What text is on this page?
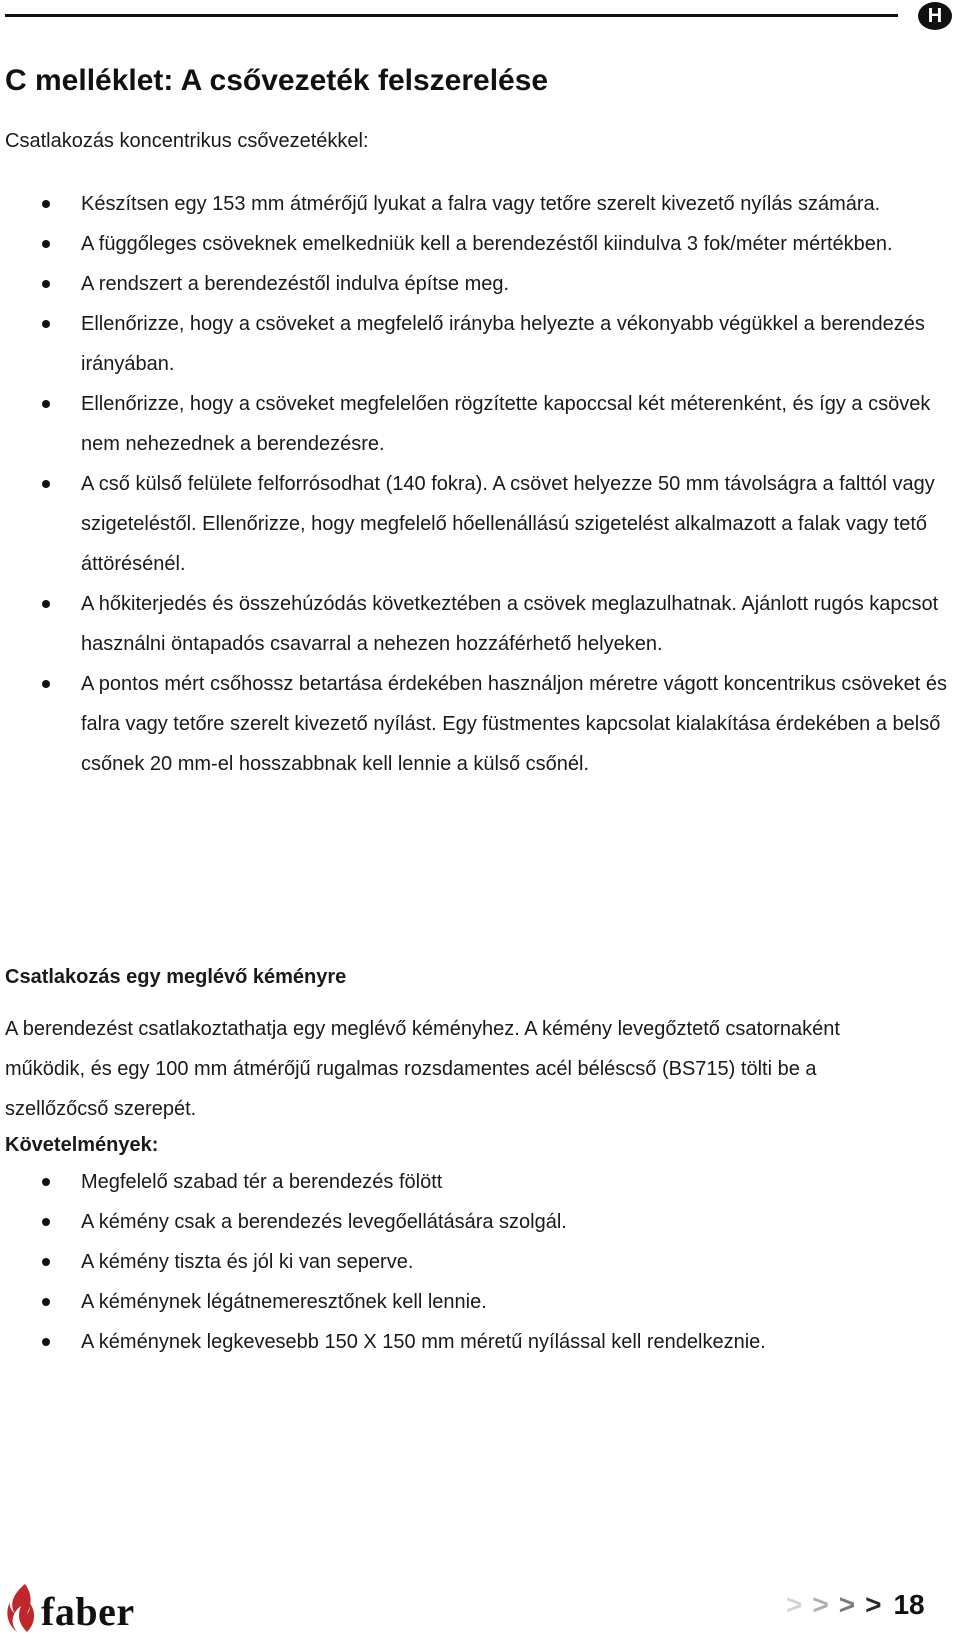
H
C melléklet: A csővezeték felszerelése

Csatlakozás koncentrikus csővezetékkel:

Készítsen egy 153 mm átmérőjű lyukat a falra vagy tetőre szerelt kivezető nyílás számára.
A függőleges csöveknek emelkedniük kell a berendezéstől kiindulva 3 fok/méter mértékben.
A rendszert a berendezéstől indulva építse meg.
Ellenőrizze, hogy a csöveket a megfelelő irányba helyezte a vékonyabb végükkel a berendezés irányában.
Ellenőrizze, hogy a csöveket megfelelően rögzítette kapoccsal két méterenként, és így a csövek nem nehezednek a berendezésre.
A cső külső felülete felforrósodhat (140 fokra). A csövet helyezze 50 mm távolságra a falttól vagy szigeteléstől. Ellenőrizze, hogy megfelelő hőellenállású szigetelést alkalmazott a falak vagy tető áttörésénél.
A hőkiterjedés és összehúzódás következtében a csövek meglazulhatnak. Ajánlott rugós kapcsot használni öntapadós csavarral a nehezen hozzáférhető helyeken.
A pontos mért csőhossz betartása érdekében használjon méretre vágott koncentrikus csöveket és falra vagy tetőre szerelt kivezető nyílást. Egy füstmentes kapcsolat kialakítása érdekében a belső csőnek 20 mm-el hosszabbnak kell lennie a külső csőnél.
Csatlakozás egy meglévő kéményre

A berendezést csatlakoztathatja egy meglévő kéményhez. A kémény levegőztető csatornaként működik, és egy 100 mm átmérőjű rugalmas rozsdamentes acél béléscső (BS715) tölti be a szellőzőcső szerepét.

Követelmények:

Megfelelő szabad tér a berendezés fölött
A kémény csak a berendezés levegőellátására szolgál.
A kémény tiszta és jól ki van seperve.
A kéménynek légátnemeresztőnek kell lennie.
A kéménynek legkevesebb 150 X 150 mm méretű nyílással kell rendelkeznie.
faber	> > > > 18
